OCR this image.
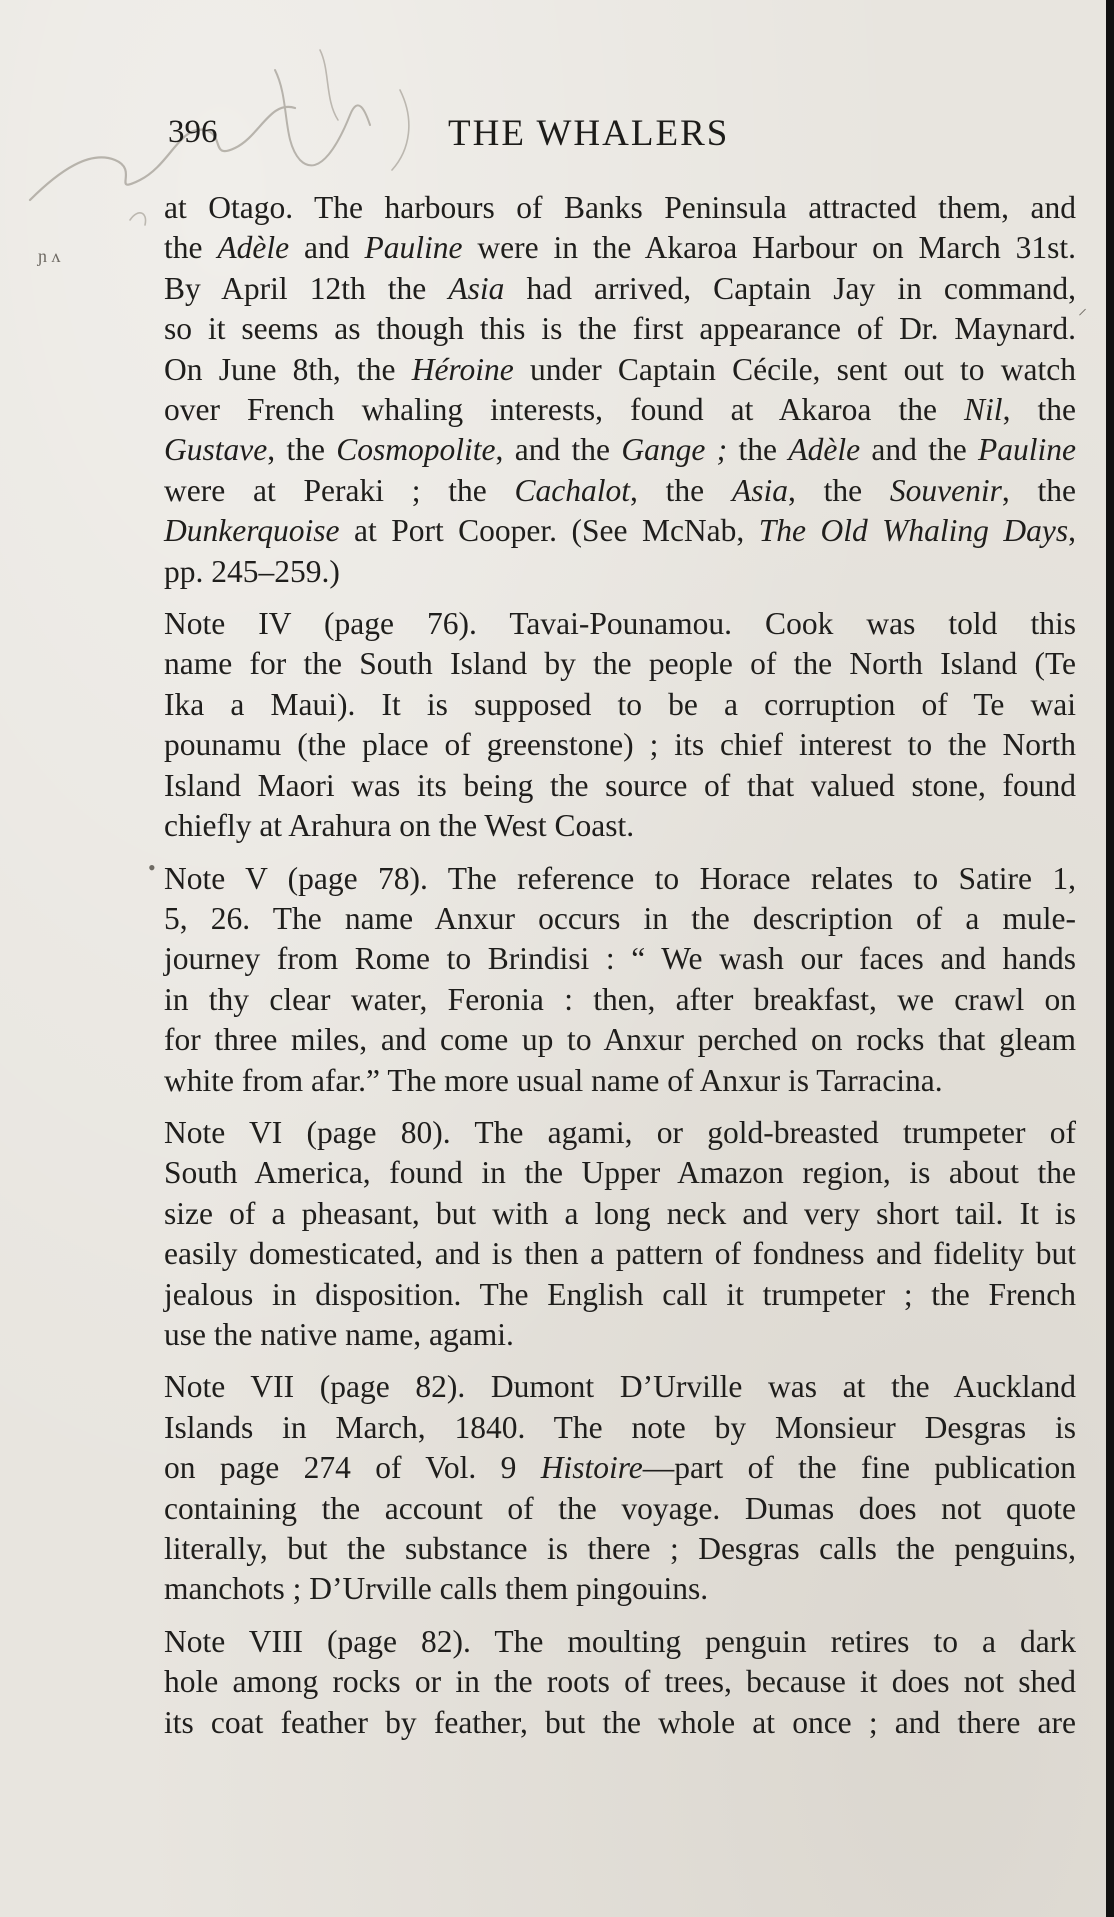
ɲ ʌ
⸝
•
396	THE WHALERS

at Otago. The harbours of Banks Peninsula attracted them, and
the Adèle and Pauline were in the Akaroa Harbour on March 31st.
By April 12th the Asia had arrived, Captain Jay in command,
so it seems as though this is the first appearance of Dr. Maynard.
On June 8th, the Héroine under Captain Cécile, sent out to watch
over French whaling interests, found at Akaroa the Nil, the
Gustave, the Cosmopolite, and the Gange ; the Adèle and the Pauline
were at Peraki ; the Cachalot, the Asia, the Souvenir, the
Dunkerquoise at Port Cooper. (See McNab, The Old Whaling Days,
pp. 245–259.)

Note IV (page 76). Tavai-Pounamou. Cook was told this
name for the South Island by the people of the North Island (Te
Ika a Maui). It is supposed to be a corruption of Te wai
pounamu (the place of greenstone) ; its chief interest to the North
Island Maori was its being the source of that valued stone, found
chiefly at Arahura on the West Coast.

Note V (page 78). The reference to Horace relates to Satire 1,
5, 26. The name Anxur occurs in the description of a mule-
journey from Rome to Brindisi : “ We wash our faces and hands
in thy clear water, Feronia : then, after breakfast, we crawl on
for three miles, and come up to Anxur perched on rocks that gleam
white from afar.” The more usual name of Anxur is Tarracina.

Note VI (page 80). The agami, or gold-breasted trumpeter of
South America, found in the Upper Amazon region, is about the
size of a pheasant, but with a long neck and very short tail. It is
easily domesticated, and is then a pattern of fondness and fidelity but
jealous in disposition. The English call it trumpeter ; the French
use the native name, agami.

Note VII (page 82). Dumont D’Urville was at the Auckland
Islands in March, 1840. The note by Monsieur Desgras is
on page 274 of Vol. 9 Histoire—part of the fine publication
containing the account of the voyage. Dumas does not quote
literally, but the substance is there ; Desgras calls the penguins,
manchots ; D’Urville calls them pingouins.

Note VIII (page 82). The moulting penguin retires to a dark
hole among rocks or in the roots of trees, because it does not shed
its coat feather by feather, but the whole at once ; and there are
